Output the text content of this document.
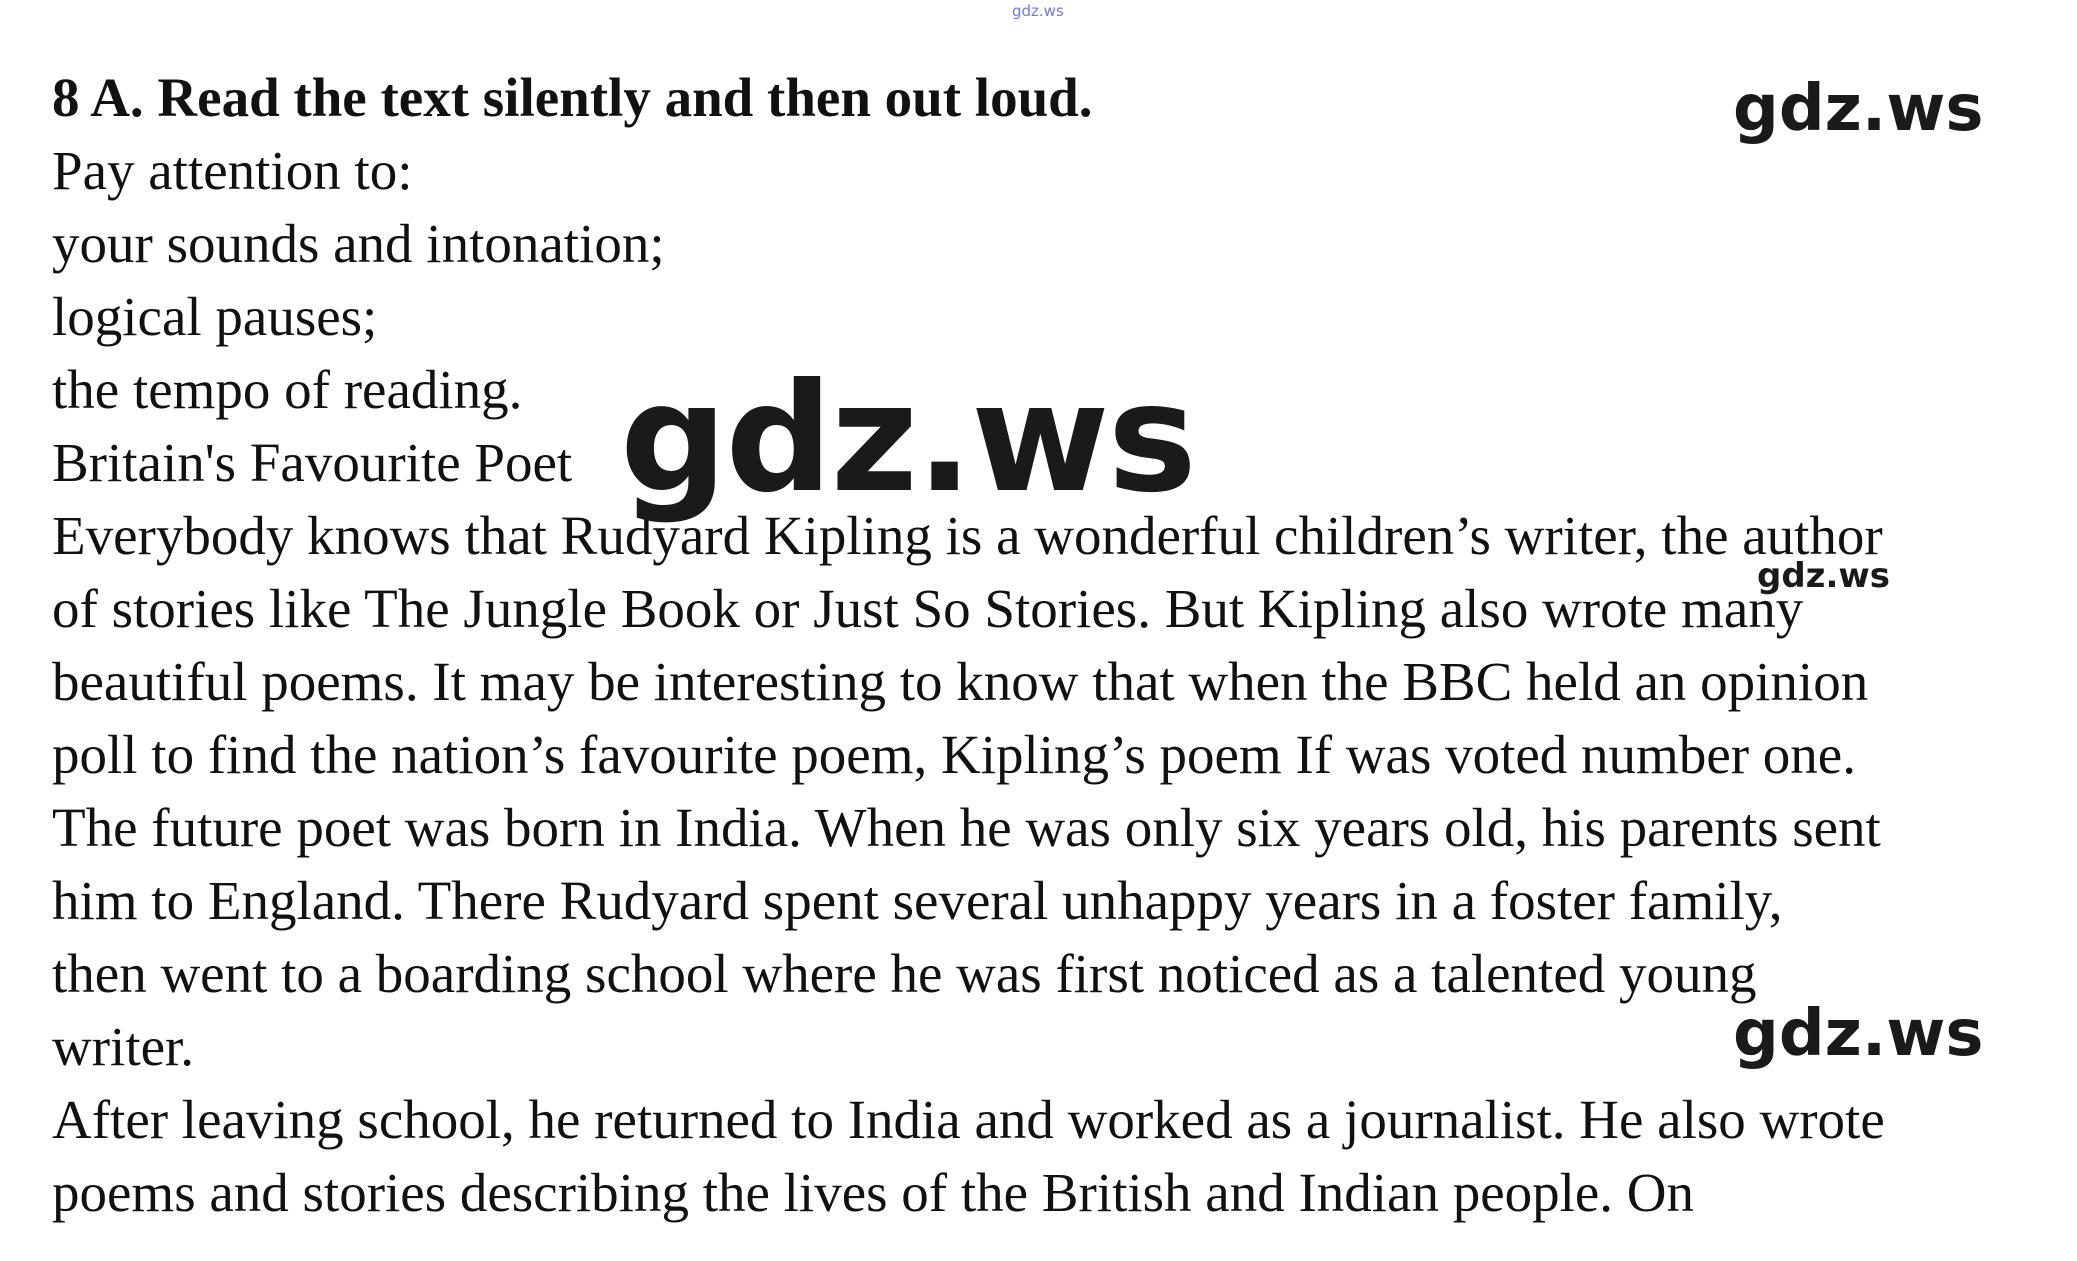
gdz.ws

8 A. Read the text silently and then out loud.

Pay attention to:

your sounds and intonation;

logical pauses;

the tempo of reading.

Britain's Favourite Poet

Everybody knows that Rudyard Kipling is a wonderful children’s writer, the author

of stories like The Jungle Book or Just So Stories. But Kipling also wrote many

beautiful poems. It may be interesting to know that when the BBC held an opinion

poll to find the nation’s favourite poem, Kipling’s poem If was voted number one.

The future poet was born in India. When he was only six years old, his parents sent

him to England. There Rudyard spent several unhappy years in a foster family,

then went to a boarding school where he was first noticed as a talented young

writer.

After leaving school, he returned to India and worked as a journalist. He also wrote

poems and stories describing the lives of the British and Indian people. On

gdz.ws
gdz.ws
gdz.ws
gdz.ws
